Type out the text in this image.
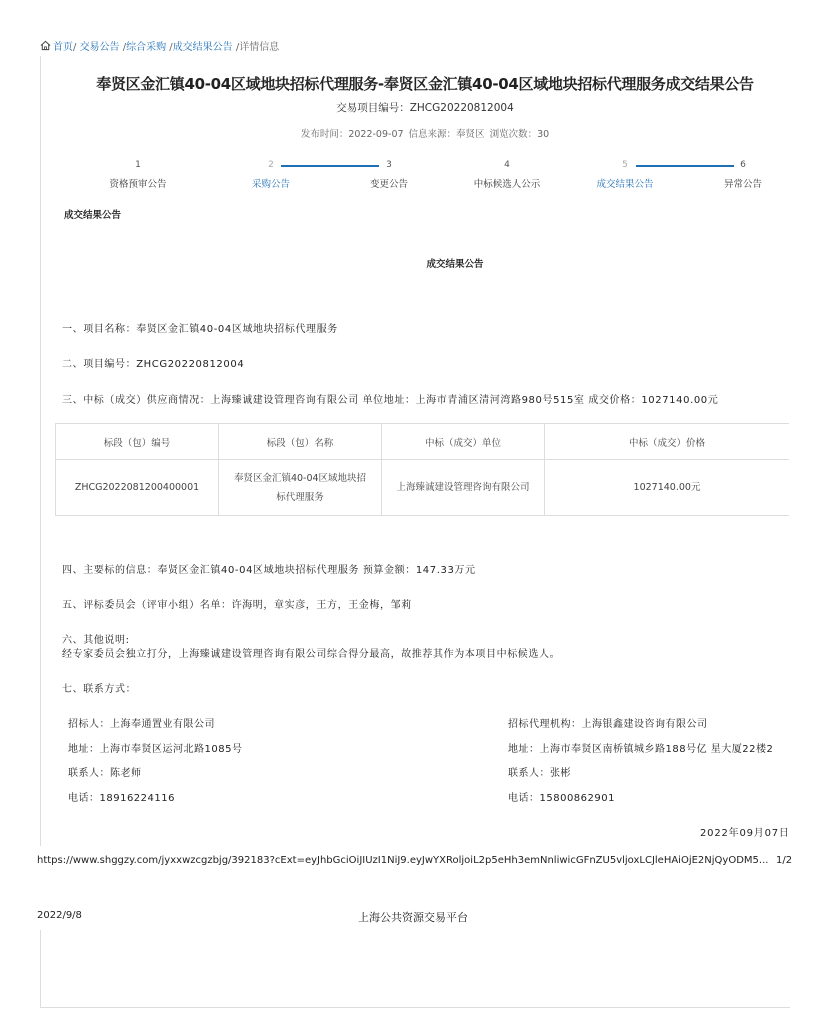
首页/ 交易公告 /综合采购 /成交结果公告 /详情信息
奉贤区金汇镇40-04区域地块招标代理服务-奉贤区金汇镇40-04区域地块招标代理服务成交结果公告
交易项目编号：ZHCG20220812004
发布时间：2022-09-07 信息来源：奉贤区 浏览次数：30
1
资格预审公告
2
采购公告
3
变更公告
4
中标候选人公示
5
成交结果公告
6
异常公告
成交结果公告
成交结果公告
一、项目名称：奉贤区金汇镇40-04区域地块招标代理服务
二、项目编号：ZHCG20220812004
三、中标（成交）供应商情况：上海臻诚建设管理咨询有限公司 单位地址：上海市青浦区清河湾路980号515室 成交价格：1027140.00元
标段（包）编号	标段（包）名称	中标（成交）单位	中标（成交）价格
ZHCG2022081200400001	奉贤区金汇镇40-04区域地块招
标代理服务	上海臻诚建设管理咨询有限公司	1027140.00元
四、主要标的信息：奉贤区金汇镇40-04区域地块招标代理服务 预算金额：147.33万元
五、评标委员会（评审小组）名单：许海明，章实彦，王方，王金梅，邹莉
六、其他说明:
经专家委员会独立打分，上海臻诚建设管理咨询有限公司综合得分最高，故推荐其作为本项目中标候选人。
七、联系方式：
招标人：上海奉通置业有限公司
地址：上海市奉贤区运河北路1085号
联系人：陈老师
电话：18916224116
招标代理机构：上海银鑫建设咨询有限公司
地址：上海市奉贤区南桥镇城乡路188号亿 星大厦22楼2
联系人：张彬
电话：15800862901
2022年09月07日
https://www.shggzy.com/jyxxwzcgzbjg/392183?cExt=eyJhbGciOiJIUzI1NiJ9.eyJwYXRoljoiL2p5eHh3emNnliwicGFnZU5vljoxLCJleHAiOjE2NjQyODM5... 1/2
2022/9/8	上海公共资源交易平台
